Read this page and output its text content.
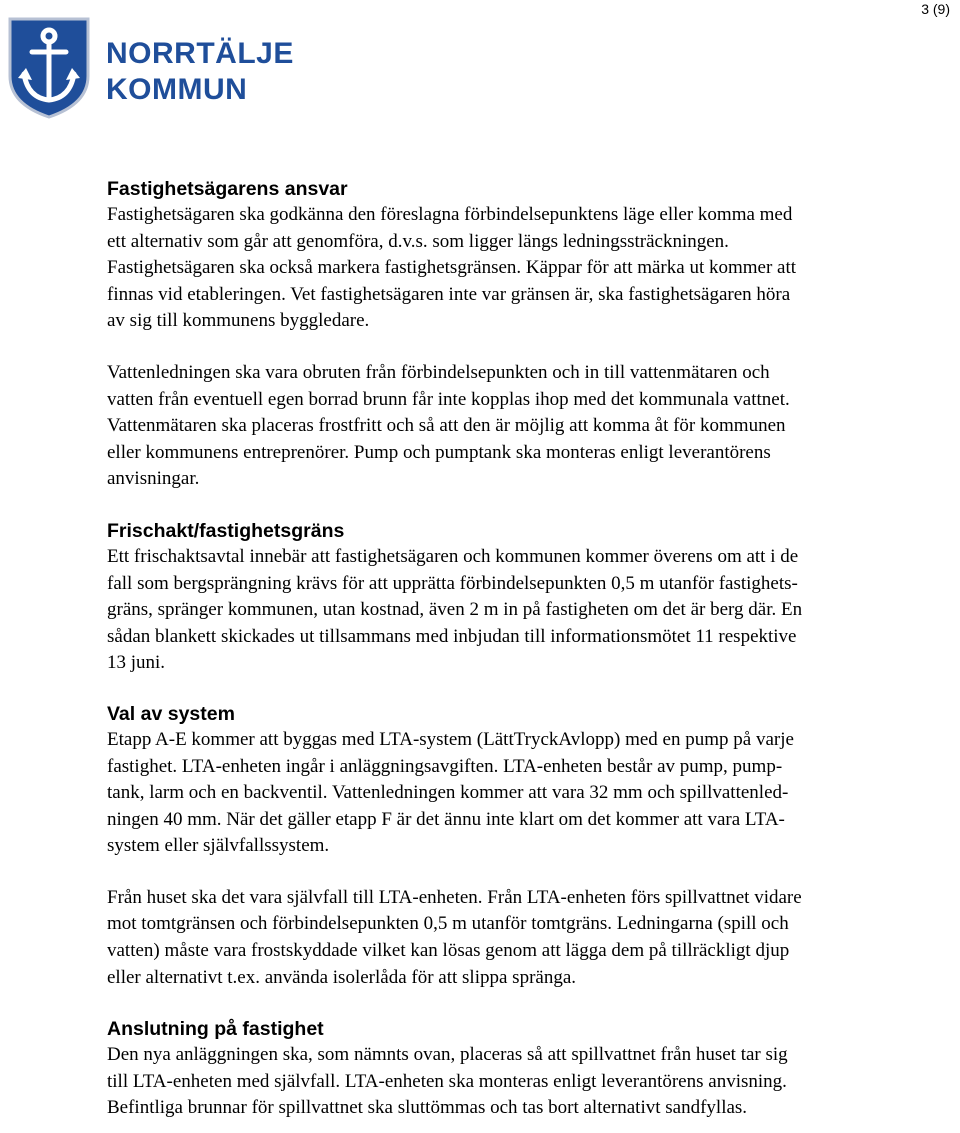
3 (9)
NORRTÄLJE
KOMMUN
Fastighetsägarens ansvar

Fastighetsägaren ska godkänna den föreslagna förbindelsepunktens läge eller komma med
ett alternativ som går att genomföra, d.v.s. som ligger längs ledningssträckningen.
Fastighetsägaren ska också markera fastighetsgränsen. Käppar för att märka ut kommer att
finnas vid etableringen. Vet fastighetsägaren inte var gränsen är, ska fastighetsägaren höra
av sig till kommunens byggledare.

Vattenledningen ska vara obruten från förbindelsepunkten och in till vattenmätaren och
vatten från eventuell egen borrad brunn får inte kopplas ihop med det kommunala vattnet.
Vattenmätaren ska placeras frostfritt och så att den är möjlig att komma åt för kommunen
eller kommunens entreprenörer. Pump och pumptank ska monteras enligt leverantörens
anvisningar.

Frischakt/fastighetsgräns

Ett frischaktsavtal innebär att fastighetsägaren och kommunen kommer överens om att i de
fall som bergsprängning krävs för att upprätta förbindelsepunkten 0,5 m utanför fastighets-
gräns, spränger kommunen, utan kostnad, även 2 m in på fastigheten om det är berg där. En
sådan blankett skickades ut tillsammans med inbjudan till informationsmötet 11 respektive
13 juni.

Val av system

Etapp A-E kommer att byggas med LTA-system (LättTryckAvlopp) med en pump på varje
fastighet. LTA-enheten ingår i anläggningsavgiften. LTA-enheten består av pump, pump-
tank, larm och en backventil. Vattenledningen kommer att vara 32 mm och spillvattenled-
ningen 40 mm. När det gäller etapp F är det ännu inte klart om det kommer att vara LTA-
system eller självfallssystem.

Från huset ska det vara självfall till LTA-enheten. Från LTA-enheten förs spillvattnet vidare
mot tomtgränsen och förbindelsepunkten 0,5 m utanför tomtgräns. Ledningarna (spill och
vatten) måste vara frostskyddade vilket kan lösas genom att lägga dem på tillräckligt djup
eller alternativt t.ex. använda isolerlåda för att slippa spränga.

Anslutning på fastighet

Den nya anläggningen ska, som nämnts ovan, placeras så att spillvattnet från huset tar sig
till LTA-enheten med självfall. LTA-enheten ska monteras enligt leverantörens anvisning.
Befintliga brunnar för spillvattnet ska sluttömmas och tas bort alternativt sandfyllas.
